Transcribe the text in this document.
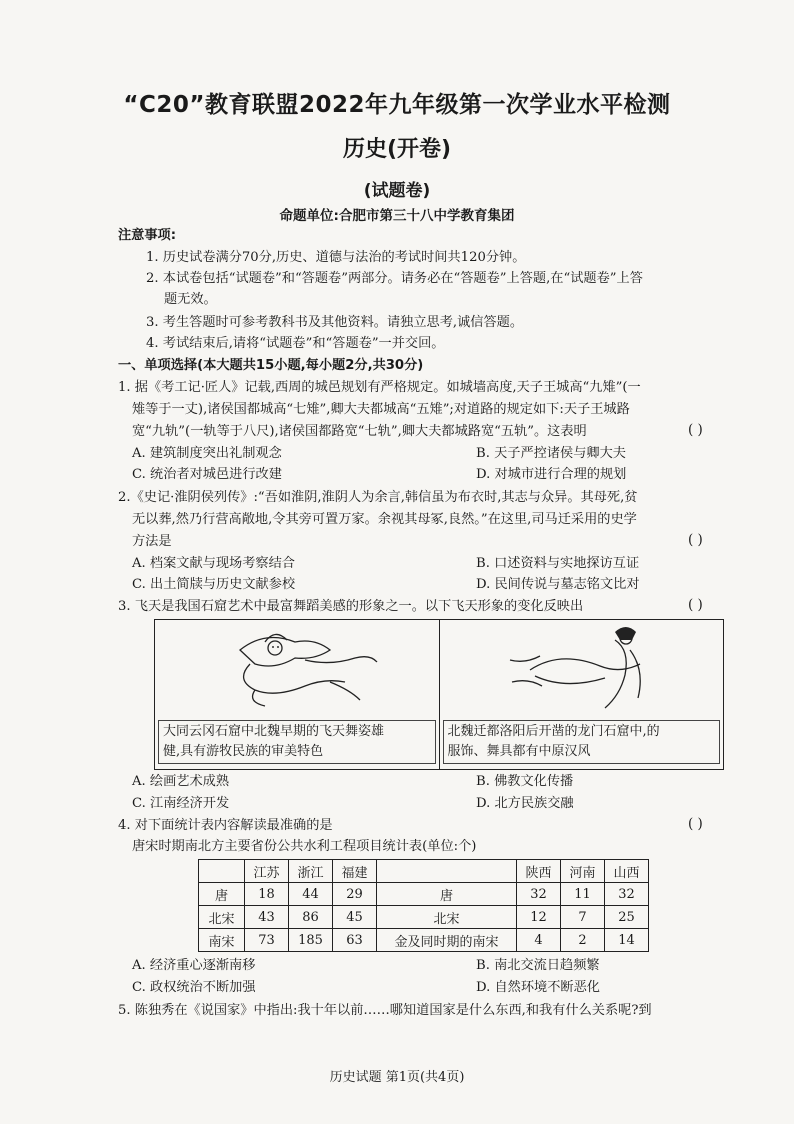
“C20”教育联盟2022年九年级第一次学业水平检测
历史(开卷)
(试题卷)
命题单位:合肥市第三十八中学教育集团
注意事项:
1. 历史试卷满分70分,历史、道德与法治的考试时间共120分钟。
2. 本试卷包括“试题卷”和“答题卷”两部分。请务必在“答题卷”上答题,在“试题卷”上答
题无效。
3. 考生答题时可参考教科书及其他资料。请独立思考,诚信答题。
4. 考试结束后,请将“试题卷”和“答题卷”一并交回。
一、单项选择(本大题共15小题,每小题2分,共30分)
1. 据《考工记·匠人》记载,西周的城邑规划有严格规定。如城墙高度,天子王城高“九雉”(一
雉等于一丈),诸侯国都城高“七雉”,卿大夫都城高“五雉”;对道路的规定如下:天子王城路
宽“九轨”(一轨等于八尺),诸侯国都路宽“七轨”,卿大夫都城路宽“五轨”。这表明	( )
A. 建筑制度突出礼制观念	B. 天子严控诸侯与卿大夫
C. 统治者对城邑进行改建	D. 对城市进行合理的规划
2.《史记·淮阴侯列传》:“吾如淮阴,淮阴人为余言,韩信虽为布衣时,其志与众异。其母死,贫
无以葬,然乃行营高敞地,令其旁可置万家。余视其母冢,良然。”在这里,司马迁采用的史学
方法是	( )
A. 档案文献与现场考察结合	B. 口述资料与实地探访互证
C. 出土简牍与历史文献参校	D. 民间传说与墓志铭文比对
3. 飞天是我国石窟艺术中最富舞蹈美感的形象之一。以下飞天形象的变化反映出	( )
大同云冈石窟中北魏早期的飞天舞姿雄
健,具有游牧民族的审美特色
北魏迁都洛阳后开凿的龙门石窟中,的
服饰、舞具都有中原汉风
A. 绘画艺术成熟	B. 佛教文化传播
C. 江南经济开发	D. 北方民族交融
4. 对下面统计表内容解读最准确的是	( )
唐宋时期南北方主要省份公共水利工程项目统计表(单位:个)
	江苏	浙江	福建		陕西	河南	山西
唐	18	44	29	唐	32	11	32
北宋	43	86	45	北宋	12	7	25
南宋	73	185	63	金及同时期的南宋	4	2	14
A. 经济重心逐渐南移	B. 南北交流日趋频繁
C. 政权统治不断加强	D. 自然环境不断恶化
5. 陈独秀在《说国家》中指出:我十年以前……哪知道国家是什么东西,和我有什么关系呢?到
历史试题 第1页(共4页)
